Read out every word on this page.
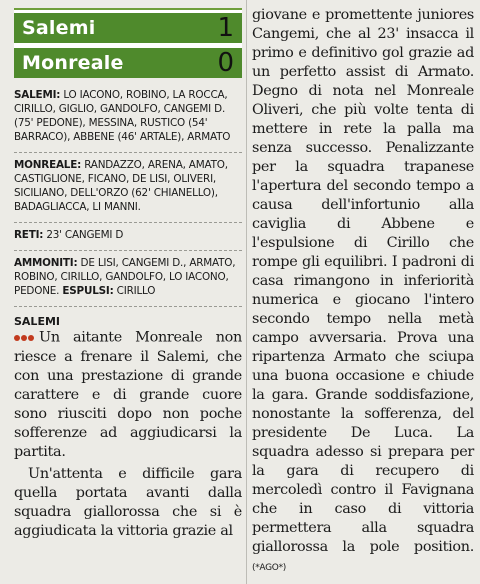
Salemi	1
Monreale	0

SALEMI: LO IACONO, ROBINO, LA ROCCA, CIRILLO, GIGLIO, GANDOLFO, CANGEMI D. (75' PEDONE), MESSINA, RUSTICO (54' BARRACO), ABBENE (46' ARTALE), ARMATO

MONREALE: RANDAZZO, ARENA, AMATO, CASTIGLIONE, FICANO, DE LISI, OLIVERI, SICILIANO, DELL'ORZO (62' CHIANELLO), BADAGLIACCA, LI MANNI.

RETI: 23' CANGEMI D

AMMONITI: DE LISI, CANGEMI D., ARMATO, ROBINO, CIRILLO, GANDOLFO, LO IACONO, PEDONE. ESPULSI: CIRILLO

SALEMI

Un aitante Monreale non riesce a frenare il Salemi, che con una prestazione di grande carattere e di grande cuore sono riusciti dopo non poche sofferenze ad aggiudicarsi la partita.

Un'attenta e difficile gara quella portata avanti dalla squadra giallorossa che si è aggiudicata la vittoria grazie al

giovane e promettente juniores Cangemi, che al 23' insacca il primo e definitivo gol grazie ad un perfetto assist di Armato. Degno di nota nel Monreale Oliveri, che più volte tenta di mettere in rete la palla ma senza successo. Penalizzante per la squadra trapanese l'apertura del secondo tempo a causa dell'infortunio alla caviglia di Abbene e l'espulsione di Cirillo che rompe gli equilibri. I padroni di casa rimangono in inferiorità numerica e giocano l'intero secondo tempo nella metà campo avversaria. Prova una ripartenza Armato che sciupa una buona occasione e chiude la gara. Grande soddisfazione, nonostante la sofferenza, del presidente De Luca. La squadra adesso si prepara per la gara di recupero di mercoledì contro il Favignana che in caso di vittoria permettera alla squadra giallorossa la pole position. (*AGO*)
